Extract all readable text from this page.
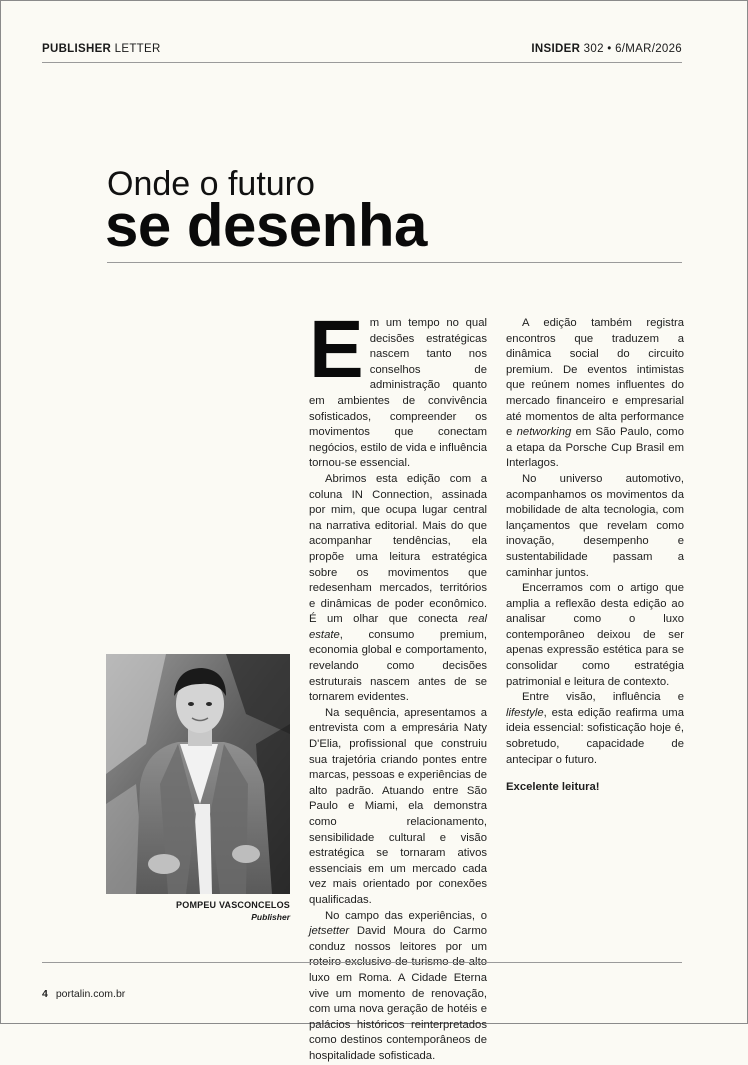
PUBLISHER LETTER	INSIDER 302 • 6/MAR/2026
Onde o futuro
se desenha

Em um tempo no qual decisões estratégicas nascem tanto nos conselhos de administração quanto em ambientes de convivência sofisticados, compreender os movimentos que conectam negócios, estilo de vida e influência tornou-se essencial.

Abrimos esta edição com a coluna IN Connection, assinada por mim, que ocupa lugar central na narrativa editorial. Mais do que acompanhar tendências, ela propõe uma leitura estratégica sobre os movimentos que redesenham mercados, territórios e dinâmicas de poder econômico. É um olhar que conecta real estate, consumo premium, economia global e comportamento, revelando como decisões estruturais nascem antes de se tornarem evidentes.

Na sequência, apresentamos a entrevista com a empresária Naty D'Elia, profissional que construiu sua trajetória criando pontes entre marcas, pessoas e experiências de alto padrão. Atuando entre São Paulo e Miami, ela demonstra como relacionamento, sensibilidade cultural e visão estratégica se tornaram ativos essenciais em um mercado cada vez mais orientado por conexões qualificadas.

No campo das experiências, o jetsetter David Moura do Carmo conduz nossos leitores por um roteiro exclusivo de turismo de alto luxo em Roma. A Cidade Eterna vive um momento de renovação, com uma nova geração de hotéis e palácios históricos reinterpretados como destinos contemporâneos de hospitalidade sofisticada.

A edição também registra encontros que traduzem a dinâmica social do circuito premium. De eventos intimistas que reúnem nomes influentes do mercado financeiro e empresarial até momentos de alta performance e networking em São Paulo, como a etapa da Porsche Cup Brasil em Interlagos.

No universo automotivo, acompanhamos os movimentos da mobilidade de alta tecnologia, com lançamentos que revelam como inovação, desempenho e sustentabilidade passam a caminhar juntos.

Encerramos com o artigo que amplia a reflexão desta edição ao analisar como o luxo contemporâneo deixou de ser apenas expressão estética para se consolidar como estratégia patrimonial e leitura de contexto.

Entre visão, influência e lifestyle, esta edição reafirma uma ideia essencial: sofisticação hoje é, sobretudo, capacidade de antecipar o futuro.

Excelente leitura!

POMPEU VASCONCELOS
Publisher
4 portalin.com.br
